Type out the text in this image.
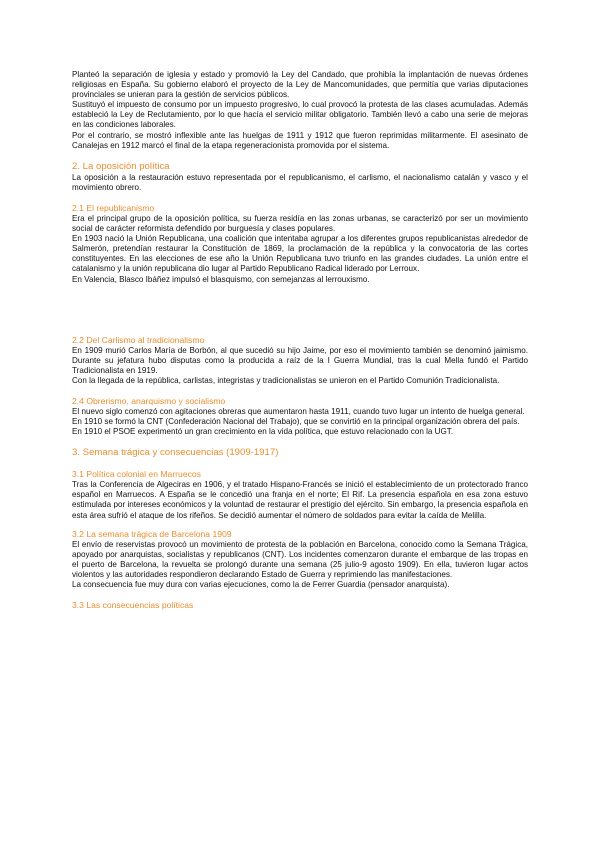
Planteó la separación de iglesia y estado y promovió la Ley del Candado, que prohibía la implantación de nuevas órdenes religiosas en España. Su gobierno elaboró el proyecto de la Ley de Mancomunidades, que permitía que varias diputaciones provinciales se unieran para la gestión de servicios públicos.

Sustituyó el impuesto de consumo por un impuesto progresivo, lo cual provocó la protesta de las clases acumuladas. Además estableció la Ley de Reclutamiento, por lo que hacía el servicio militar obligatorio. También llevó a cabo una serie de mejoras en las condiciones laborales.

Por el contrario, se mostró inflexible ante las huelgas de 1911 y 1912 que fueron reprimidas militarmente. El asesinato de Canalejas en 1912 marcó el final de la etapa regeneracionista promovida por el sistema.

2. La oposición política

La oposición a la restauración estuvo representada por el republicanismo, el carlismo, el nacionalismo catalán y vasco y el movimiento obrero.

2.1 El republicanismo

Era el principal grupo de la oposición política, su fuerza residía en las zonas urbanas, se caracterizó por ser un movimiento social de carácter reformista defendido por burguesía y clases populares.

En 1903 nació la Unión Republicana, una coalición que intentaba agrupar a los diferentes grupos republicanistas alrededor de Salmerón, pretendían restaurar la Constitución de 1869, la proclamación de la república y la convocatoria de las cortes constituyentes. En las elecciones de ese año la Unión Republicana tuvo triunfo en las grandes ciudades. La unión entre el catalanismo y la unión republicana dio lugar al Partido Republicano Radical liderado por Lerroux.

En Valencia, Blasco Ibáñez impulsó el blasquismo, con semejanzas al lerrouxismo.

2.2 Del Carlismo al tradicionalismo

En 1909 murió Carlos María de Borbón, al que sucedió su hijo Jaime, por eso el movimiento también se denominó jaimismo. Durante su jefatura hubo disputas como la producida a raíz de la I Guerra Mundial, tras la cual Mella fundó el Partido Tradicionalista en 1919.

Con la llegada de la república, carlistas, integristas y tradicionalistas se unieron en el Partido Comunión Tradicionalista.

2.4 Obrerismo, anarquismo y socialismo

El nuevo siglo comenzó con agitaciones obreras que aumentaron hasta 1911, cuando tuvo lugar un intento de huelga general.

En 1910 se formó la CNT (Confederación Nacional del Trabajo), que se convirtió en la principal organización obrera del país.

En 1910 el PSOE experimentó un gran crecimiento en la vida política, que estuvo relacionado con la UGT.

3. Semana trágica y consecuencias (1909-1917)

3.1 Política colonial en Marruecos

Tras la Conferencia de Algeciras en 1906, y el tratado Hispano-Francés se inició el establecimiento de un protectorado franco español en Marruecos. A España se le concedió una franja en el norte; El Rif. La presencia española en esa zona estuvo estimulada por intereses económicos y la voluntad de restaurar el prestigio del ejército. Sin embargo, la presencia española en esta área sufrió el ataque de los rifeños. Se decidió aumentar el número de soldados para evitar la caída de Melilla.

3.2 La semana trágica de Barcelona 1909

El envío de reservistas provocó un movimiento de protesta de la población en Barcelona, conocido como la Semana Trágica, apoyado por anarquistas, socialistas y republicanos (CNT). Los incidentes comenzaron durante el embarque de las tropas en el puerto de Barcelona, la revuelta se prolongó durante una semana (25 julio-9 agosto 1909). En ella, tuvieron lugar actos violentos y las autoridades respondieron declarando Estado de Guerra y reprimiendo las manifestaciones.

La consecuencia fue muy dura con varias ejecuciones, como la de Ferrer Guardia (pensador anarquista).

3.3 Las consecuencias políticas
